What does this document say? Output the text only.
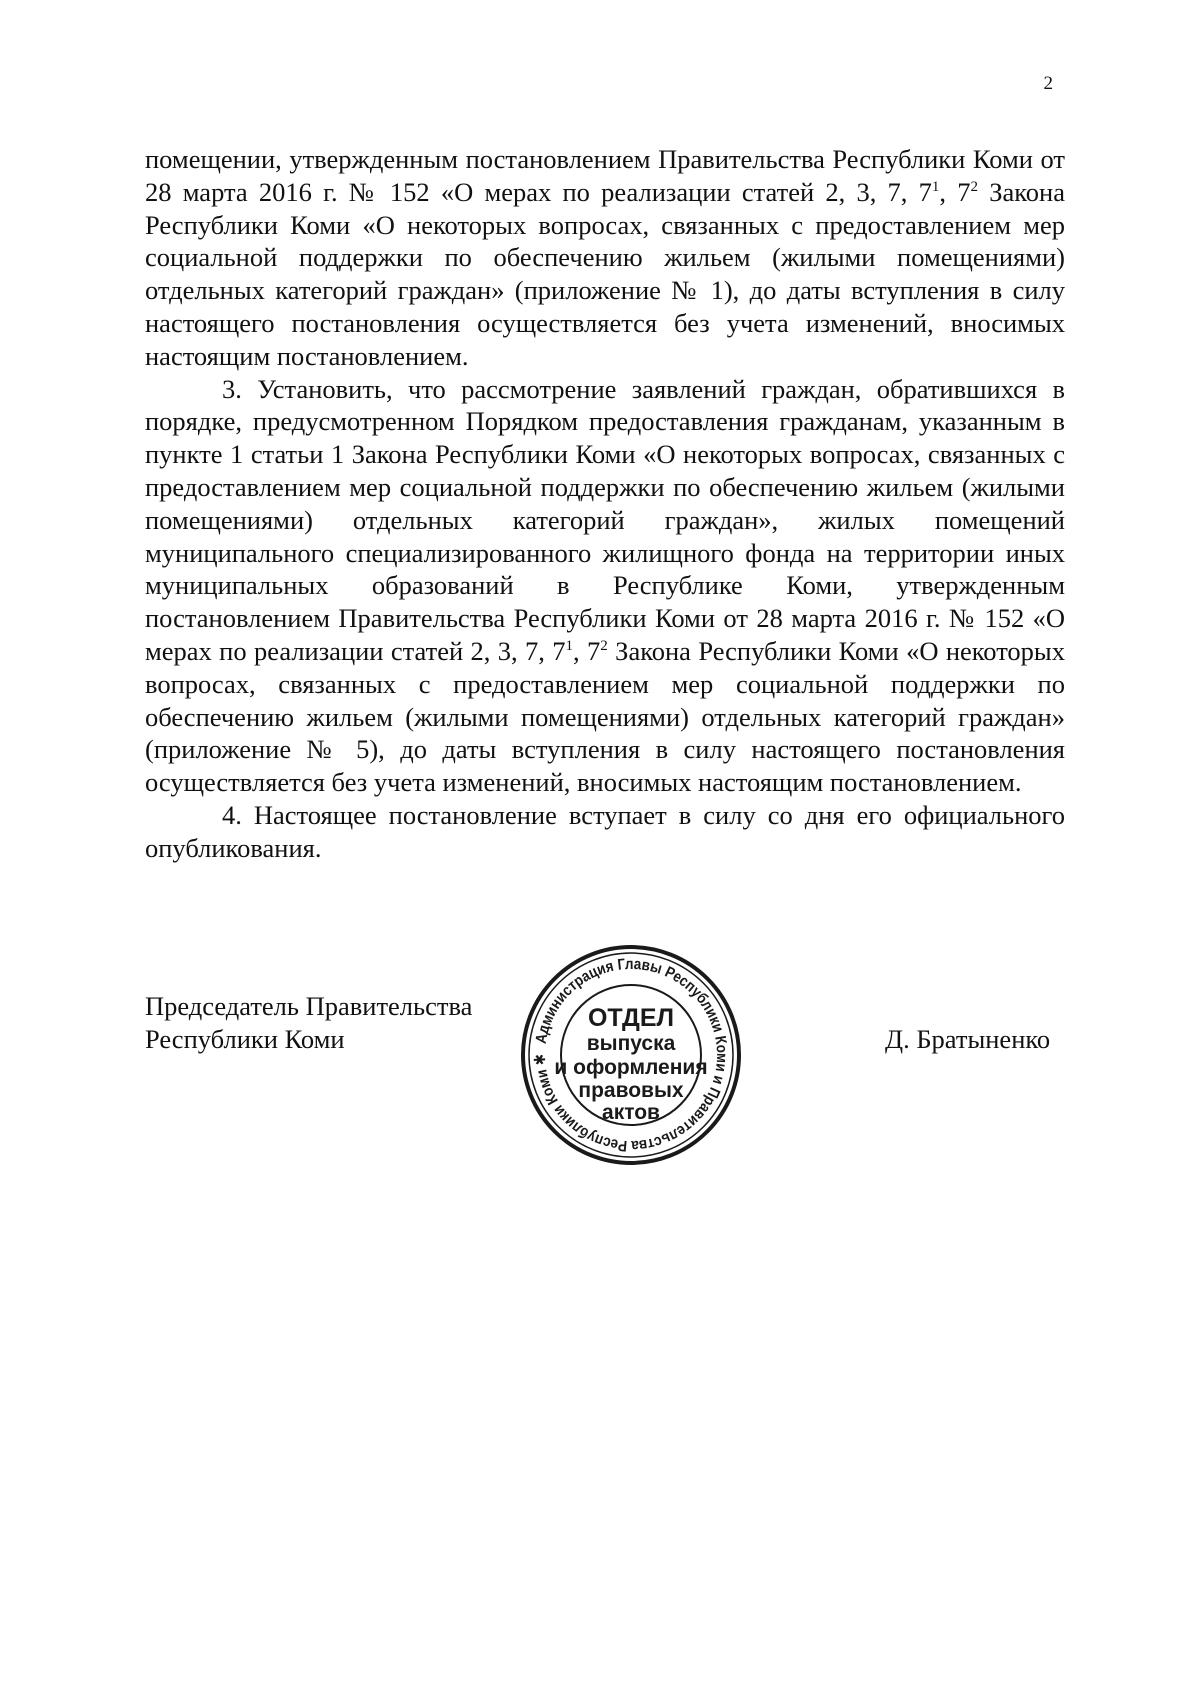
2

помещении, утвержденным постановлением Правительства Республики Коми от 28 марта 2016 г. № 152 «О мерах по реализации статей 2, 3, 7, $7^1$, $7^2$ Закона Республики Коми «О некоторых вопросах, связанных с предоставлением мер социальной поддержки по обеспечению жильем (жилыми помещениями) отдельных категорий граждан» (приложение № 1), до даты вступления в силу настоящего постановления осуществляется без учета изменений, вносимых настоящим постановлением.

3. Установить, что рассмотрение заявлений граждан, обратившихся в порядке, предусмотренном Порядком предоставления гражданам, указанным в пункте 1 статьи 1 Закона Республики Коми «О некоторых вопросах, связанных с предоставлением мер социальной поддержки по обеспечению жильем (жилыми помещениями) отдельных категорий граждан», жилых помещений муниципального специализированного жилищного фонда на территории иных муниципальных образований в Республике Коми, утвержденным постановлением Правительства Республики Коми от 28 марта 2016 г. № 152 «О мерах по реализации статей 2, 3, 7, $7^1$, $7^2$ Закона Республики Коми «О некоторых вопросах, связанных с предоставлением мер социальной поддержки по обеспечению жильем (жилыми помещениями) отдельных категорий граждан» (приложение № 5), до даты вступления в силу настоящего постановления осуществляется без учета изменений, вносимых настоящим постановлением.

4. Настоящее постановление вступает в силу со дня его официального опубликования.

Председатель Правительства
Республики Коми	Д. Братыненко
Администрация Главы Республики Коми и Правительства Республики Коми ✱
ОТДЕЛ
выпуска
и оформления
правовых
актов
